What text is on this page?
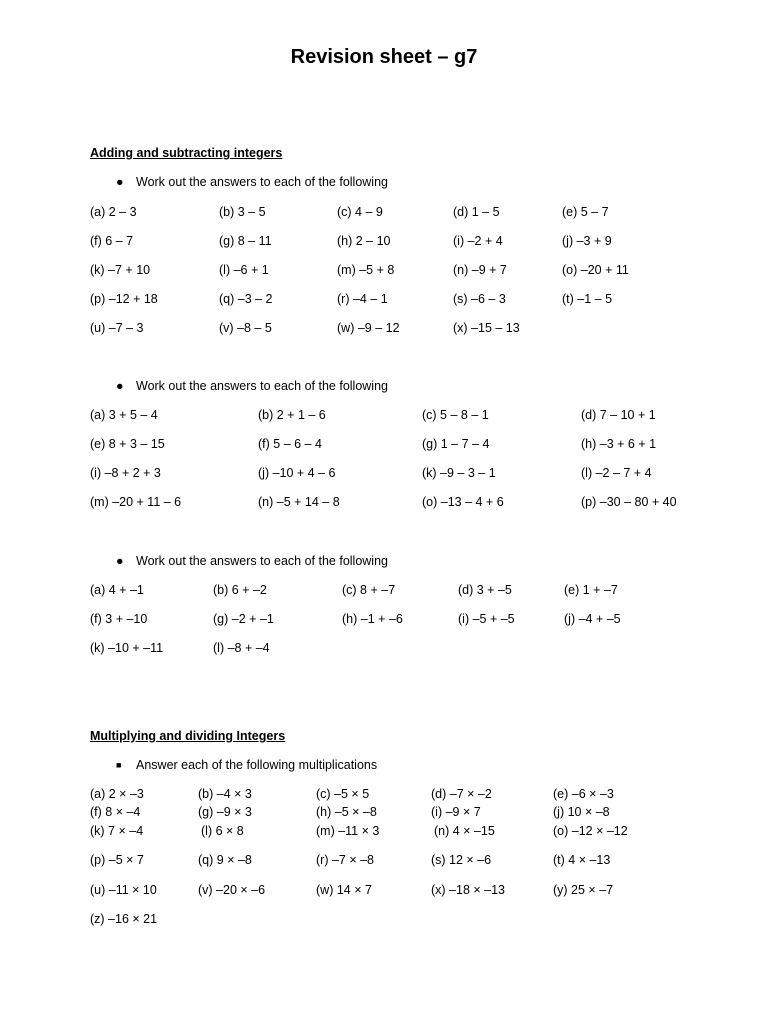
Revision sheet – g7
Adding and subtracting integers
● Work out the answers to each of the following
(a) 2 – 3	(b) 3 – 5	(c) 4 – 9	(d) 1 – 5	(e) 5 – 7
(f) 6 – 7	(g) 8 – 11	(h) 2 – 10	(i) –2 + 4	(j) –3 + 9
(k) –7 + 10	(l) –6 + 1	(m) –5 + 8	(n) –9 + 7	(o) –20 + 11
(p) –12 + 18	(q) –3 – 2	(r) –4 – 1	(s) –6 – 3	(t) –1 – 5
(u) –7 – 3	(v) –8 – 5	(w) –9 – 12	(x) –15 – 13
● Work out the answers to each of the following
(a) 3 + 5 – 4	(b) 2 + 1 – 6	(c) 5 – 8 – 1	(d) 7 – 10 + 1
(e) 8 + 3 – 15	(f) 5 – 6 – 4	(g) 1 – 7 – 4	(h) –3 + 6 + 1
(i) –8 + 2 + 3	(j) –10 + 4 – 6	(k) –9 – 3 – 1	(l) –2 – 7 + 4
(m) –20 + 11 – 6	(n) –5 + 14 – 8	(o) –13 – 4 + 6	(p) –30 – 80 + 40
● Work out the answers to each of the following
(a) 4 + –1	(b) 6 + –2	(c) 8 + –7	(d) 3 + –5	(e) 1 + –7
(f) 3 + –10	(g) –2 + –1	(h) –1 + –6	(i) –5 + –5	(j) –4 + –5
(k) –10 + –11	(l) –8 + –4
Multiplying and dividing Integers
■ Answer each of the following multiplications
(a) 2 × –3	(b) –4 × 3	(c) –5 × 5	(d) –7 × –2	(e) –6 × –3
(f) 8 × –4	(g) –9 × 3	(h) –5 × –8	(i) –9 × 7	(j) 10 × –8
(k) 7 × –4	(l) 6 × 8	(m) –11 × 3	(n) 4 × –15	(o) –12 × –12
(p) –5 × 7	(q) 9 × –8	(r) –7 × –8	(s) 12 × –6	(t) 4 × –13
(u) –11 × 10	(v) –20 × –6	(w) 14 × 7	(x) –18 × –13	(y) 25 × –7
(z) –16 × 21
